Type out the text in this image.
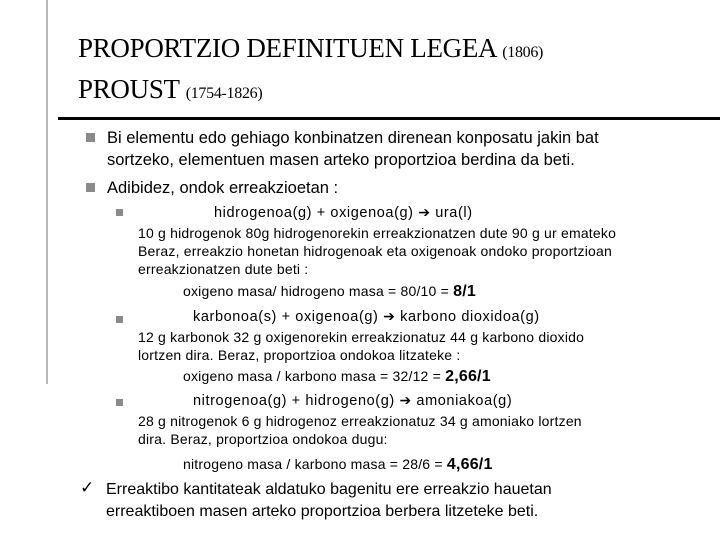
PROPORTZIO DEFINITUEN LEGEA (1806)
PROUST (1754-1826)
Bi elementu edo gehiago konbinatzen direnean konposatu jakin bat
sortzeko, elementuen masen arteko proportzioa berdina da beti.
Adibidez, ondok erreakzioetan :
hidrogenoa(g) + oxigenoa(g) ➔ ura(l)
10 g hidrogenok 80g hidrogenorekin erreakzionatzen dute 90 g ur emateko
Beraz, erreakzio honetan hidrogenoak eta oxigenoak ondoko proportzioan
erreakzionatzen dute beti :
oxigeno masa/ hidrogeno masa = 80/10 = 8/1
karbonoa(s) + oxigenoa(g) ➔ karbono dioxidoa(g)
12 g karbonok 32 g oxigenorekin erreakzionatuz 44 g karbono dioxido
lortzen dira. Beraz, proportzioa ondokoa litzateke :
oxigeno masa / karbono masa = 32/12 = 2,66/1
nitrogenoa(g) + hidrogeno(g) ➔ amoniakoa(g)
28 g nitrogenok 6 g hidrogenoz erreakzionatuz 34 g amoniako lortzen
dira. Beraz, proportzioa ondokoa dugu:
nitrogeno masa / karbono masa = 28/6 = 4,66/1
✓ Erreaktibo kantitateak aldatuko bagenitu ere erreakzio hauetan
erreaktiboen masen arteko proportzioa berbera litzeteke beti.
